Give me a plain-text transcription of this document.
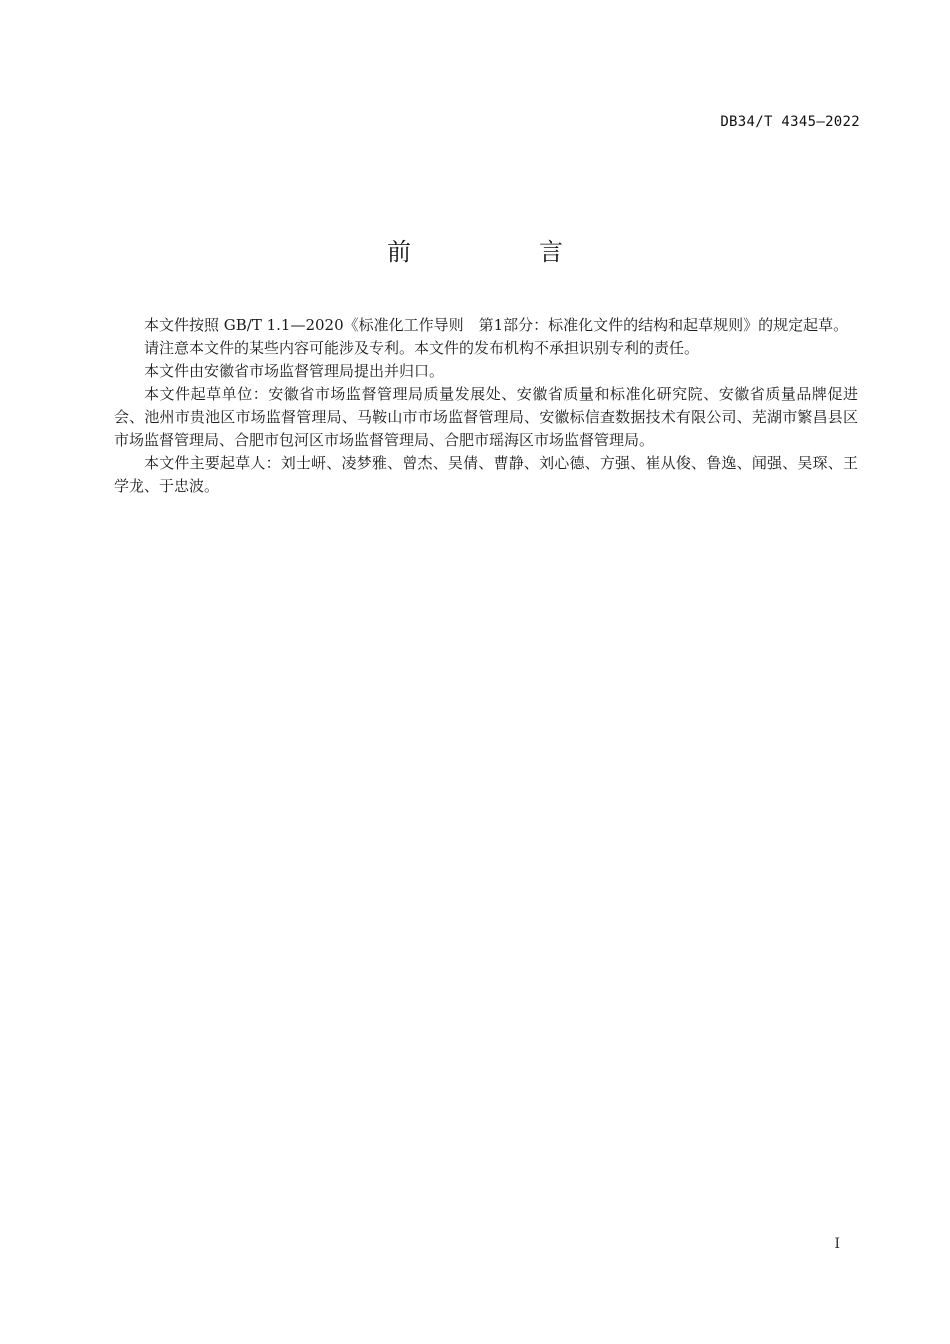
DB34/T 4345—2022
前　言

本文件按照 GB/T 1.1—2020《标准化工作导则　第1部分：标准化文件的结构和起草规则》的规定起草。

请注意本文件的某些内容可能涉及专利。本文件的发布机构不承担识别专利的责任。

本文件由安徽省市场监督管理局提出并归口。

本文件起草单位：安徽省市场监督管理局质量发展处、安徽省质量和标准化研究院、安徽省质量品牌促进会、池州市贵池区市场监督管理局、马鞍山市市场监督管理局、安徽标信查数据技术有限公司、芜湖市繁昌县区市场监督管理局、合肥市包河区市场监督管理局、合肥市瑶海区市场监督管理局。

本文件主要起草人：刘士岍、凌梦雅、曾杰、吴倩、曹静、刘心德、方强、崔从俊、鲁逸、闻强、吴琛、王学龙、于忠波。

I
